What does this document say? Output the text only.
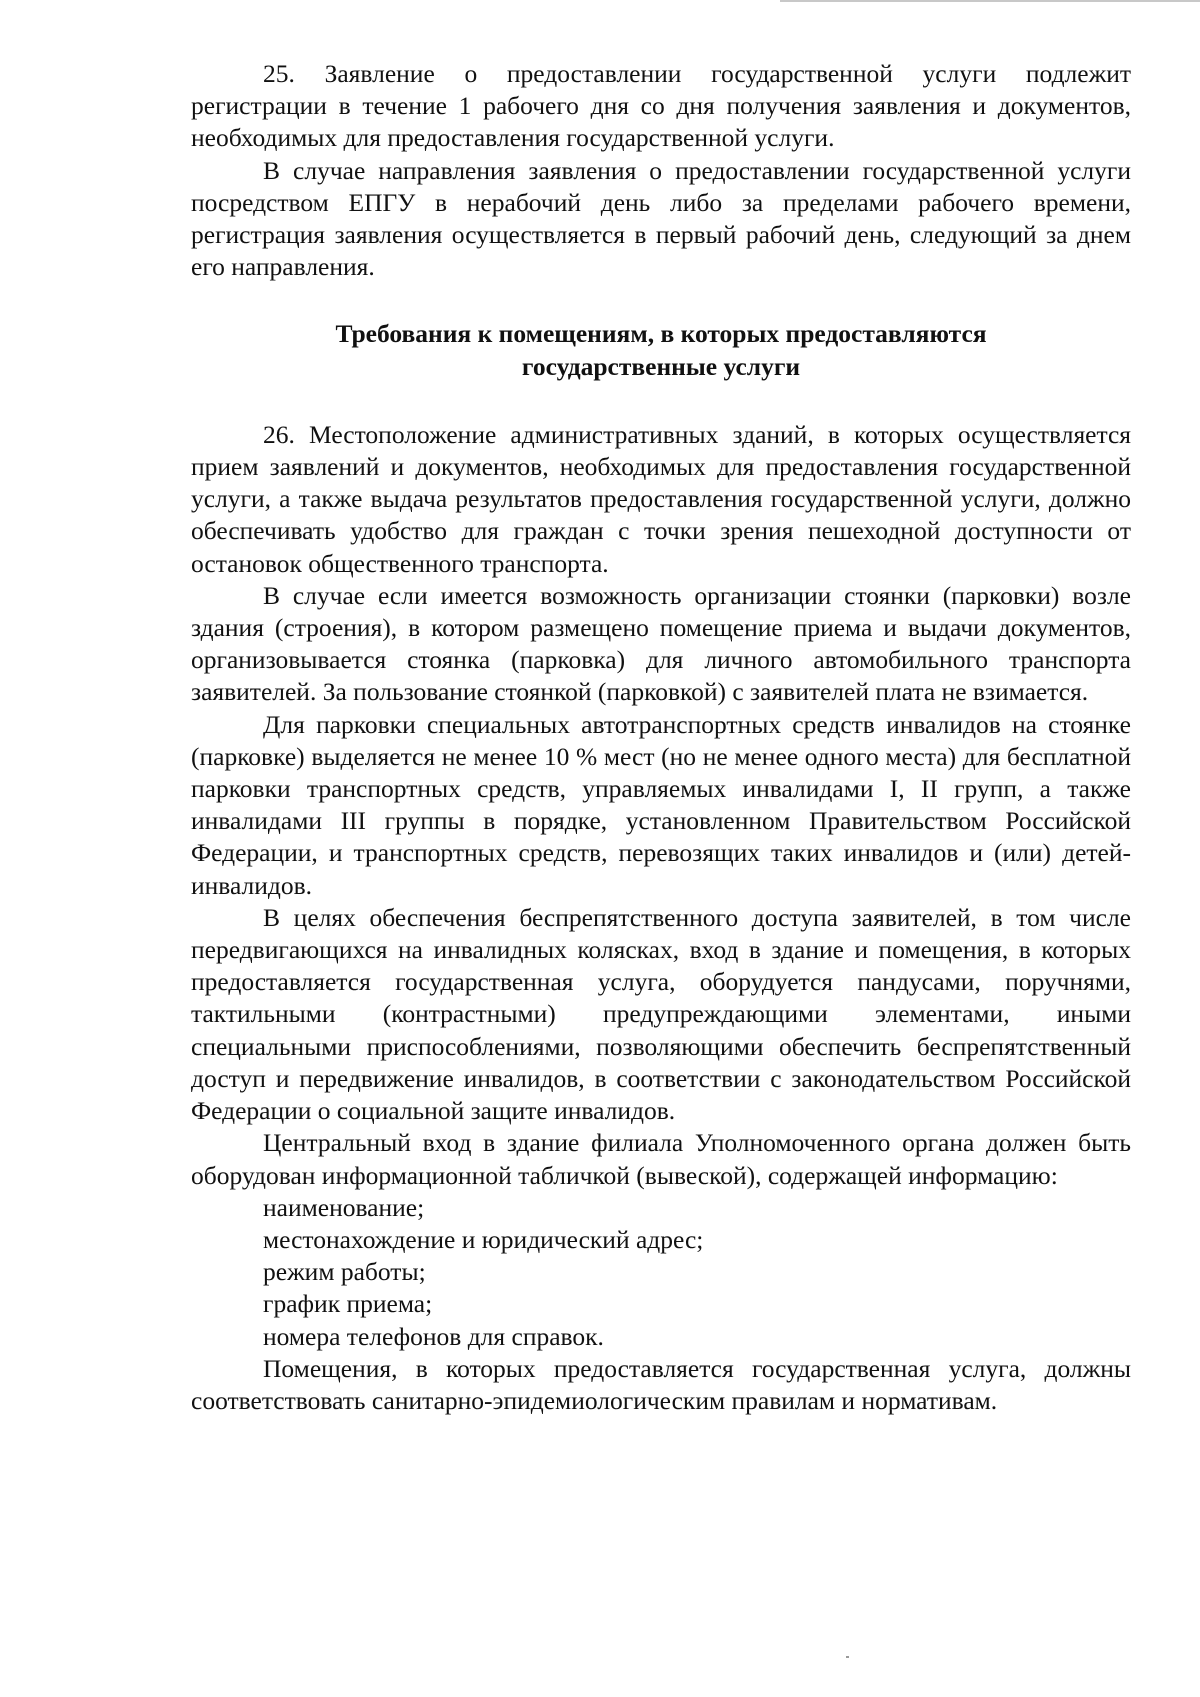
25. Заявление о предоставлении государственной услуги подлежит регистрации в течение 1 рабочего дня со дня получения заявления и документов, необходимых для предоставления государственной услуги.

В случае направления заявления о предоставлении государственной услуги посредством ЕПГУ в нерабочий день либо за пределами рабочего времени, регистрация заявления осуществляется в первый рабочий день, следующий за днем его направления.

Требования к помещениям, в которых предоставляются
государственные услуги

26. Местоположение административных зданий, в которых осуществляется прием заявлений и документов, необходимых для предоставления государственной услуги, а также выдача результатов предоставления государственной услуги, должно обеспечивать удобство для граждан с точки зрения пешеходной доступности от остановок общественного транспорта.

В случае если имеется возможность организации стоянки (парковки) возле здания (строения), в котором размещено помещение приема и выдачи документов, организовывается стоянка (парковка) для личного автомобильного транспорта заявителей. За пользование стоянкой (парковкой) с заявителей плата не взимается.

Для парковки специальных автотранспортных средств инвалидов на стоянке (парковке) выделяется не менее 10 % мест (но не менее одного места) для бесплатной парковки транспортных средств, управляемых инвалидами I, II групп, а также инвалидами III группы в порядке, установленном Правительством Российской Федерации, и транспортных средств, перевозящих таких инвалидов и (или) детей-инвалидов.

В целях обеспечения беспрепятственного доступа заявителей, в том числе передвигающихся на инвалидных колясках, вход в здание и помещения, в которых предоставляется государственная услуга, оборудуется пандусами, поручнями, тактильными (контрастными) предупреждающими элементами, иными специальными приспособлениями, позволяющими обеспечить беспрепятственный доступ и передвижение инвалидов, в соответствии с законодательством Российской Федерации о социальной защите инвалидов.

Центральный вход в здание филиала Уполномоченного органа должен быть оборудован информационной табличкой (вывеской), содержащей информацию:

наименование;
местонахождение и юридический адрес;
режим работы;
график приема;
номера телефонов для справок.

Помещения, в которых предоставляется государственная услуга, должны соответствовать санитарно-эпидемиологическим правилам и нормативам.
